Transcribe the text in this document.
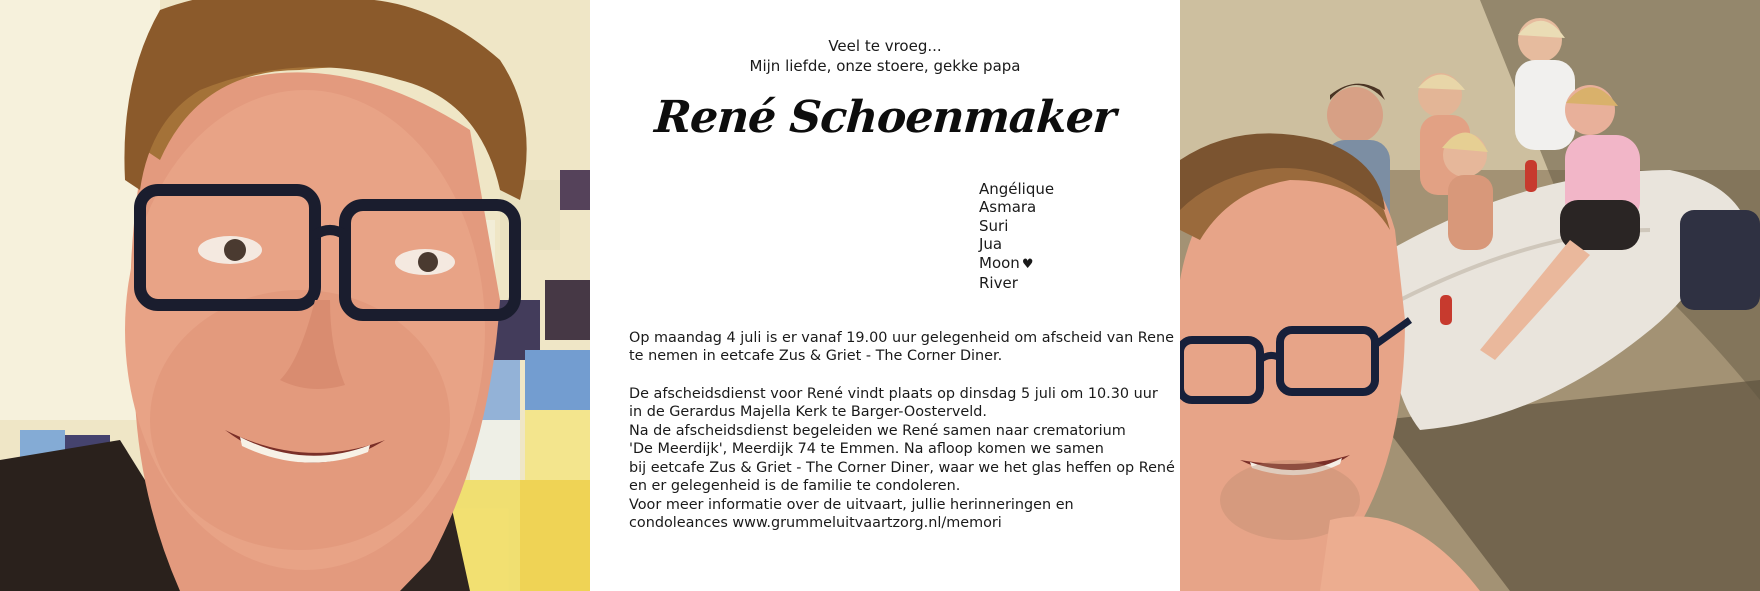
Veel te vroeg...
Mijn liefde, onze stoere, gekke papa
René Schoenmaker
Angélique
Asmara
Suri
Jua
Moon ♥
River
Op maandag 4 juli is er vanaf 19.00 uur gelegenheid om afscheid van Rene
te nemen in eetcafe Zus & Griet - The Corner Diner.
De afscheidsdienst voor René vindt plaats op dinsdag 5 juli om 10.30 uur
in de Gerardus Majella Kerk te Barger-Oosterveld.
Na de afscheidsdienst begeleiden we René samen naar crematorium
'De Meerdijk', Meerdijk 74 te Emmen. Na afloop komen we samen
bij eetcafe Zus & Griet - The Corner Diner, waar we het glas heffen op René
en er gelegenheid is de familie te condoleren.
Voor meer informatie over de uitvaart, jullie herinneringen en
condoleances www.grummeluitvaartzorg.nl/memori
